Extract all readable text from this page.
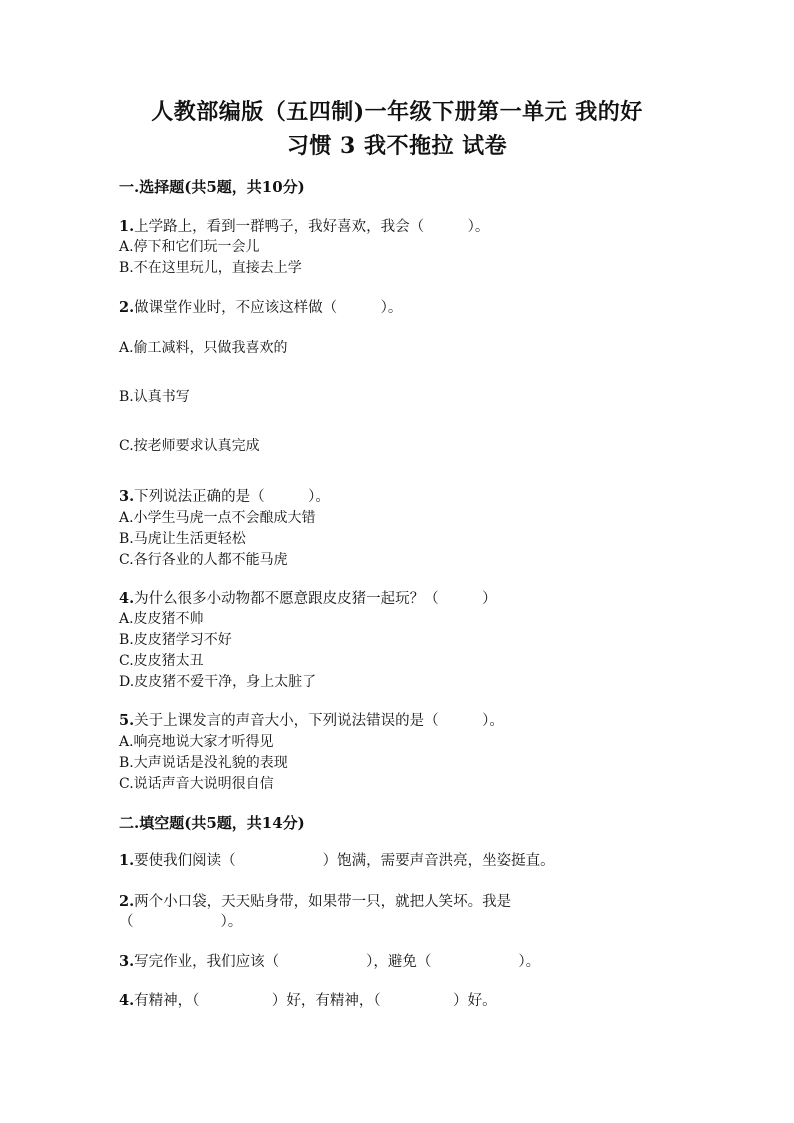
人教部编版（五四制)一年级下册第一单元 我的好
习惯 3 我不拖拉 试卷
一.选择题(共5题，共10分)
1.上学路上，看到一群鸭子，我好喜欢，我会（　　　）。
A.停下和它们玩一会儿
B.不在这里玩儿，直接去上学
2.做课堂作业时，不应该这样做（　　　）。
A.偷工减料，只做我喜欢的
B.认真书写
C.按老师要求认真完成
3.下列说法正确的是（　　　）。
A.小学生马虎一点不会酿成大错
B.马虎让生活更轻松
C.各行各业的人都不能马虎
4.为什么很多小动物都不愿意跟皮皮猪一起玩？（　　　）
A.皮皮猪不帅
B.皮皮猪学习不好
C.皮皮猪太丑
D.皮皮猪不爱干净，身上太脏了
5.关于上课发言的声音大小，下列说法错误的是（　　　）。
A.响亮地说大家才听得见
B.大声说话是没礼貌的表现
C.说话声音大说明很自信
二.填空题(共5题，共14分)
1.要使我们阅读（　　　　　　）饱满，需要声音洪亮，坐姿挺直。
2.两个小口袋，天天贴身带，如果带一只，就把人笑坏。我是
（　　　　　　）。
3.写完作业，我们应该（　　　　　　），避免（　　　　　　）。
4.有精神，（　　　　　）好，有精神，（　　　　　）好。
